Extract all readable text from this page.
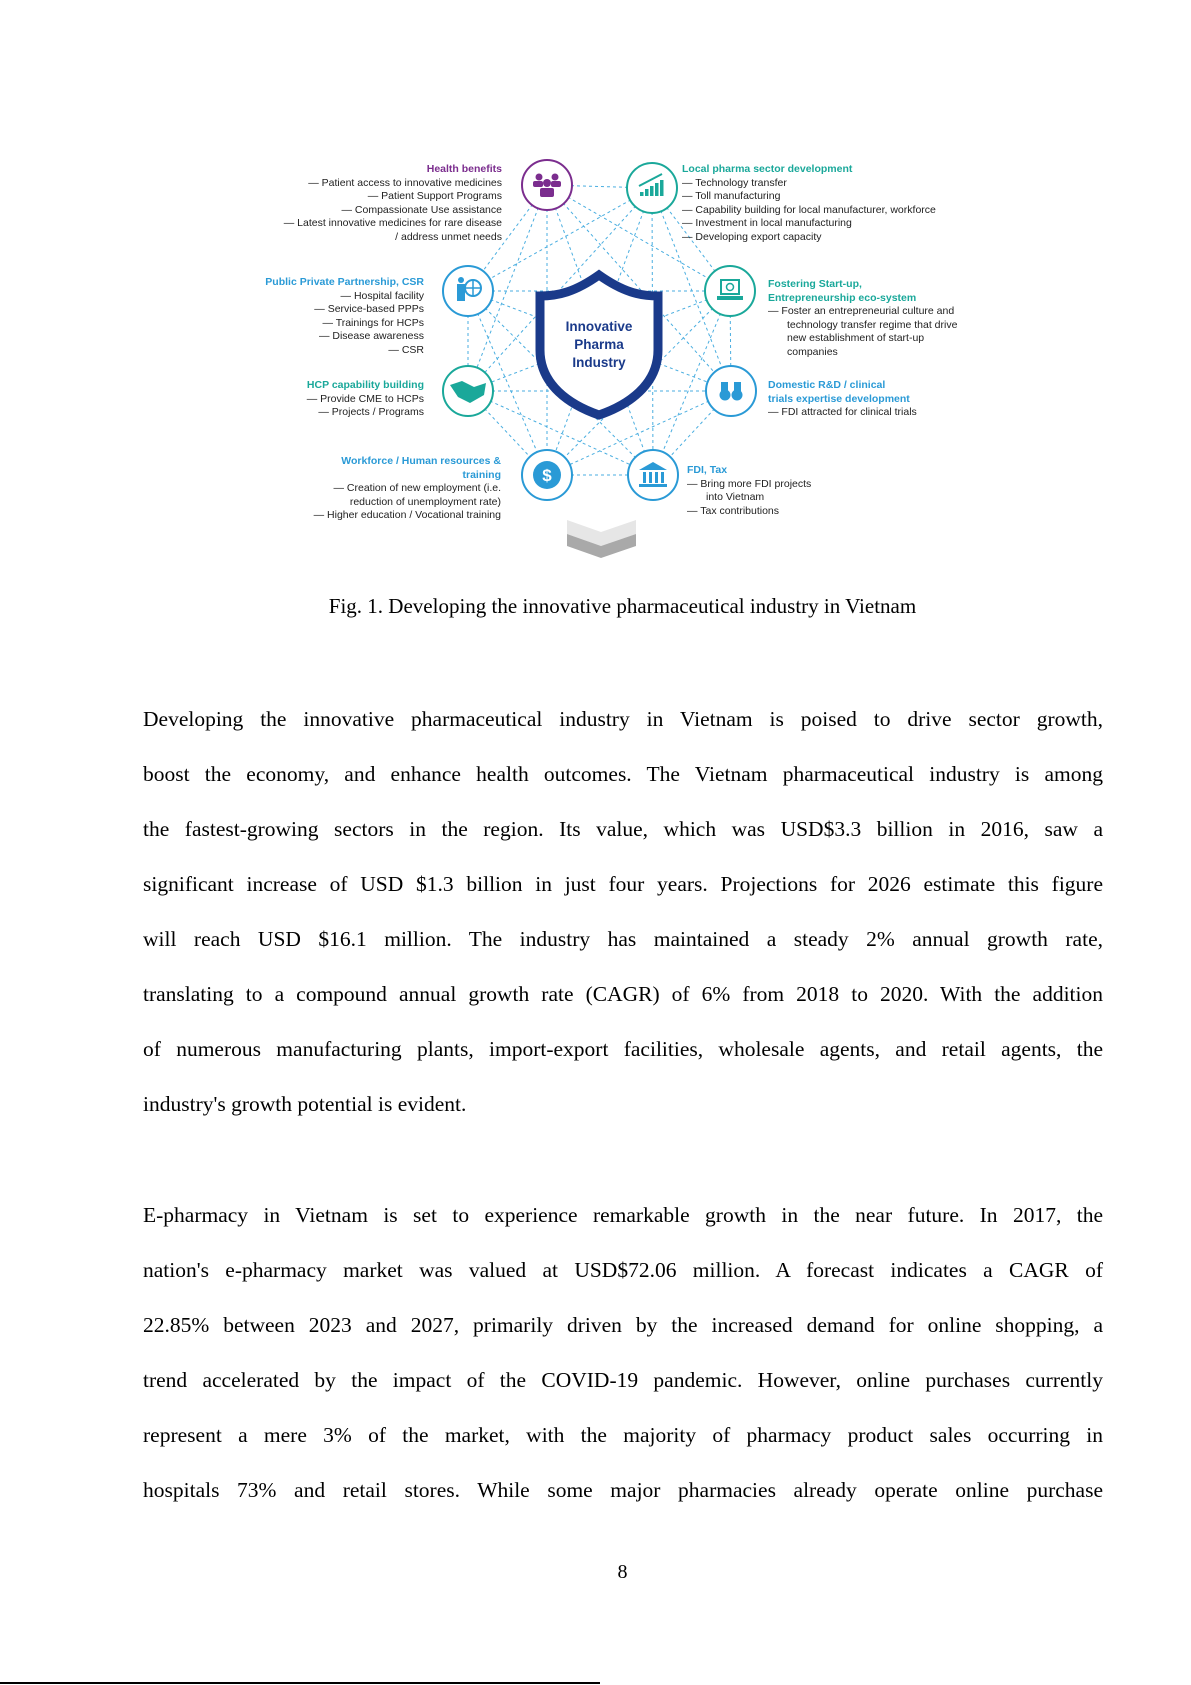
$
Innovative
Pharma
Industry
Health benefits
— Patient access to innovative medicines
— Patient Support Programs
— Compassionate Use assistance
— Latest innovative medicines for rare disease
/ address unmet needs
Public Private Partnership, CSR
— Hospital facility
— Service-based PPPs
— Trainings for HCPs
— Disease awareness
— CSR
HCP capability building
— Provide CME to HCPs
— Projects / Programs
Workforce / Human resources &
training
— Creation of new employment (i.e.
reduction of unemployment rate)
— Higher education / Vocational training
Local pharma sector development
— Technology transfer
— Toll manufacturing
— Capability building for local manufacturer, workforce
— Investment in local manufacturing
— Developing export capacity
Fostering Start-up,
Entrepreneurship eco-system
— Foster an entrepreneurial culture and technology transfer regime that drive new establishment of start-up companies
Domestic R&D / clinical
trials expertise development
— FDI attracted for clinical trials
FDI, Tax
— Bring more FDI projects into Vietnam
— Tax contributions
Fig. 1. Developing the innovative pharmaceutical industry in Vietnam
Developing the innovative pharmaceutical industry in Vietnam is poised to drive sector growth,
boost the economy, and enhance health outcomes. The Vietnam pharmaceutical industry is among
the fastest-growing sectors in the region. Its value, which was USD$3.3 billion in 2016, saw a
significant increase of USD $1.3 billion in just four years. Projections for 2026 estimate this figure
will reach USD $16.1 million. The industry has maintained a steady 2% annual growth rate,
translating to a compound annual growth rate (CAGR) of 6% from 2018 to 2020. With the addition
of numerous manufacturing plants, import-export facilities, wholesale agents, and retail agents, the
industry's growth potential is evident.
E-pharmacy in Vietnam is set to experience remarkable growth in the near future. In 2017, the
nation's e-pharmacy market was valued at USD$72.06 million. A forecast indicates a CAGR of
22.85% between 2023 and 2027, primarily driven by the increased demand for online shopping, a
trend accelerated by the impact of the COVID-19 pandemic. However, online purchases currently
represent a mere 3% of the market, with the majority of pharmacy product sales occurring in
hospitals 73% and retail stores. While some major pharmacies already operate online purchase
8
